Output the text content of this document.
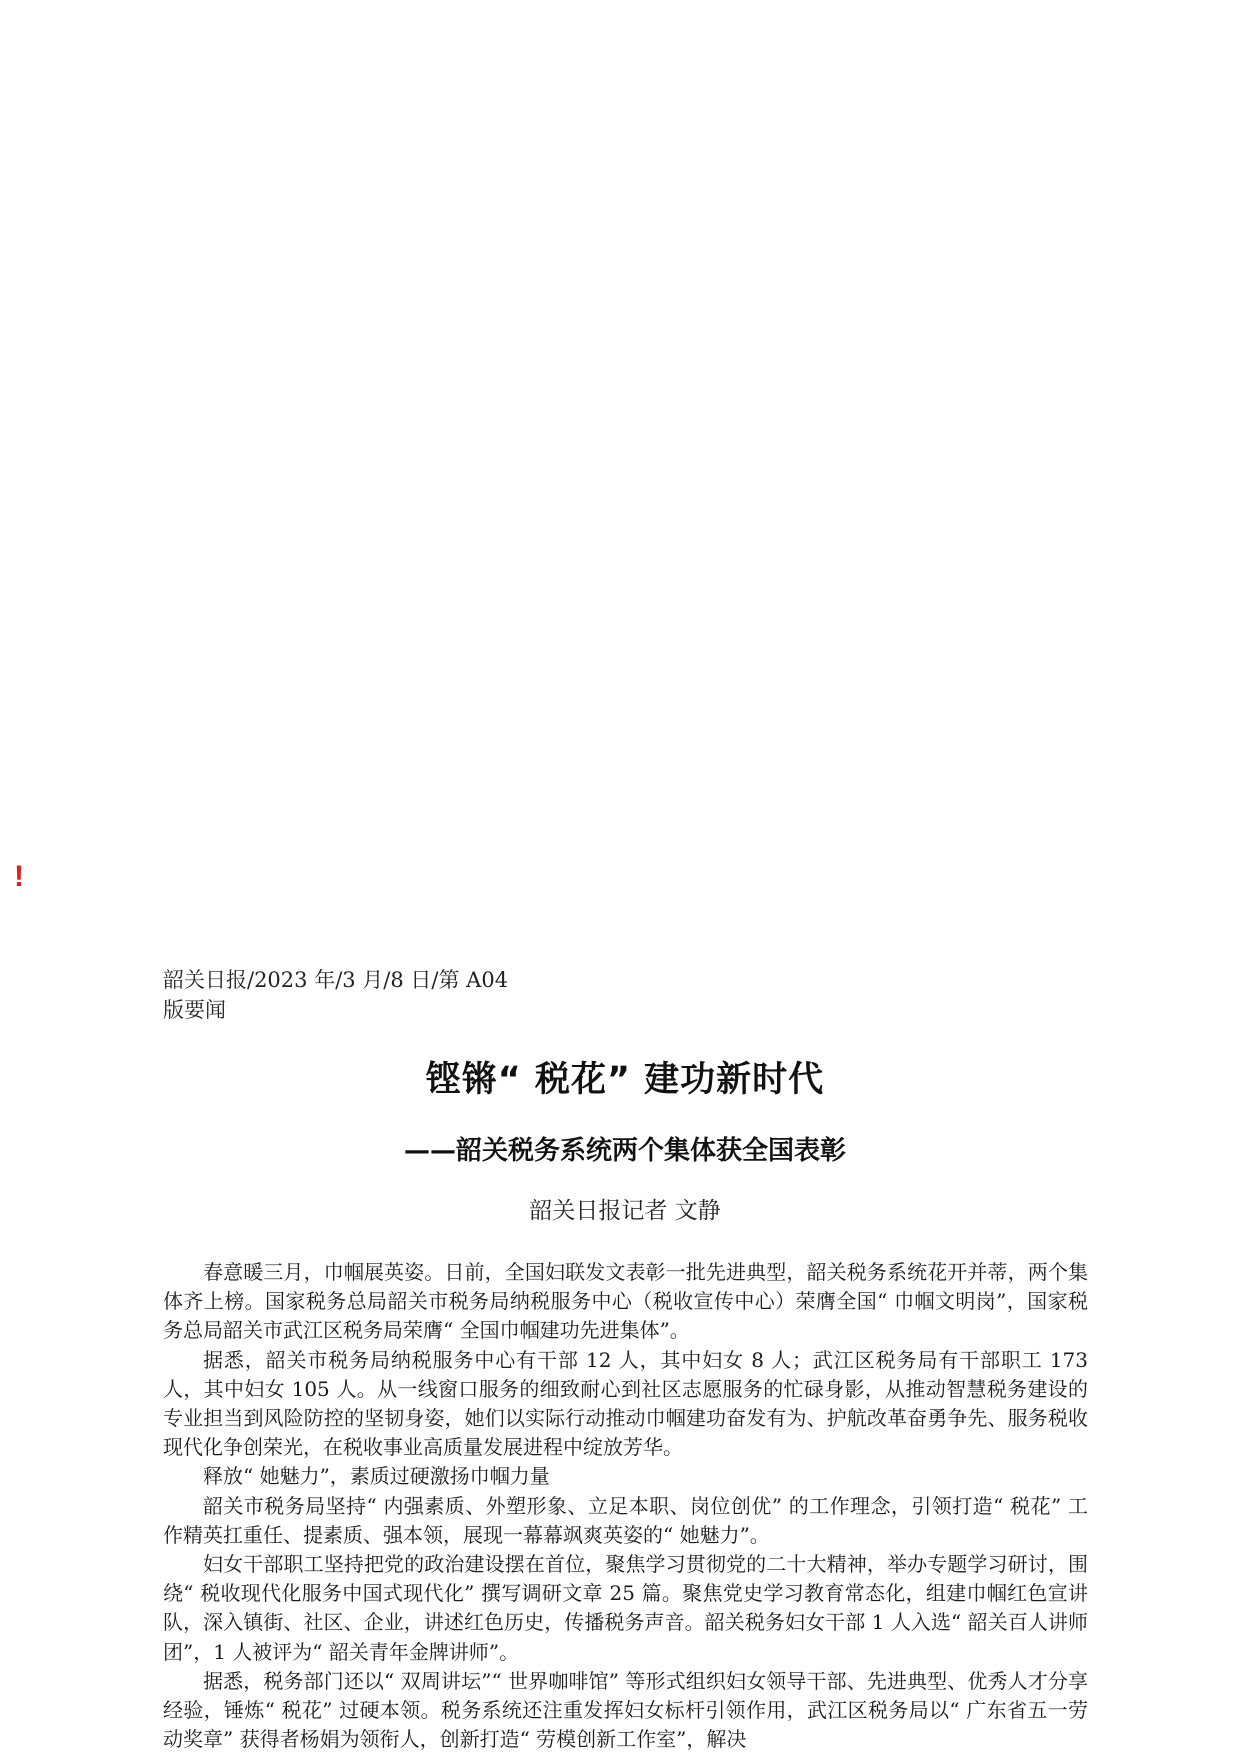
!
韶关日报/2023 年/3 月/8 日/第 A04
版要闻
铿锵“ 税花” 建功新时代
——韶关税务系统两个集体获全国表彰
韶关日报记者 文静

春意暖三月，巾帼展英姿。日前，全国妇联发文表彰一批先进典型，韶关税务系统花开并蒂，两个集体齐上榜。国家税务总局韶关市税务局纳税服务中心（税收宣传中心）荣膺全国“ 巾帼文明岗”，国家税务总局韶关市武江区税务局荣膺“ 全国巾帼建功先进集体”。

据悉，韶关市税务局纳税服务中心有干部 12 人，其中妇女 8 人；武江区税务局有干部职工 173 人，其中妇女 105 人。从一线窗口服务的细致耐心到社区志愿服务的忙碌身影，从推动智慧税务建设的专业担当到风险防控的坚韧身姿，她们以实际行动推动巾帼建功奋发有为、护航改革奋勇争先、服务税收现代化争创荣光，在税收事业高质量发展进程中绽放芳华。

释放“ 她魅力”，素质过硬激扬巾帼力量

韶关市税务局坚持“ 内强素质、外塑形象、立足本职、岗位创优” 的工作理念，引领打造“ 税花” 工作精英扛重任、提素质、强本领，展现一幕幕飒爽英姿的“ 她魅力”。

妇女干部职工坚持把党的政治建设摆在首位，聚焦学习贯彻党的二十大精神，举办专题学习研讨，围绕“ 税收现代化服务中国式现代化” 撰写调研文章 25 篇。聚焦党史学习教育常态化，组建巾帼红色宣讲队，深入镇街、社区、企业，讲述红色历史，传播税务声音。韶关税务妇女干部 1 人入选“ 韶关百人讲师团”，1 人被评为“ 韶关青年金牌讲师”。

据悉，税务部门还以“ 双周讲坛”“ 世界咖啡馆” 等形式组织妇女领导干部、先进典型、优秀人才分享经验，锤炼“ 税花” 过硬本领。税务系统还注重发挥妇女标杆引领作用，武江区税务局以“ 广东省五一劳动奖章” 获得者杨娟为领衔人，创新打造“ 劳模创新工作室”，解决
